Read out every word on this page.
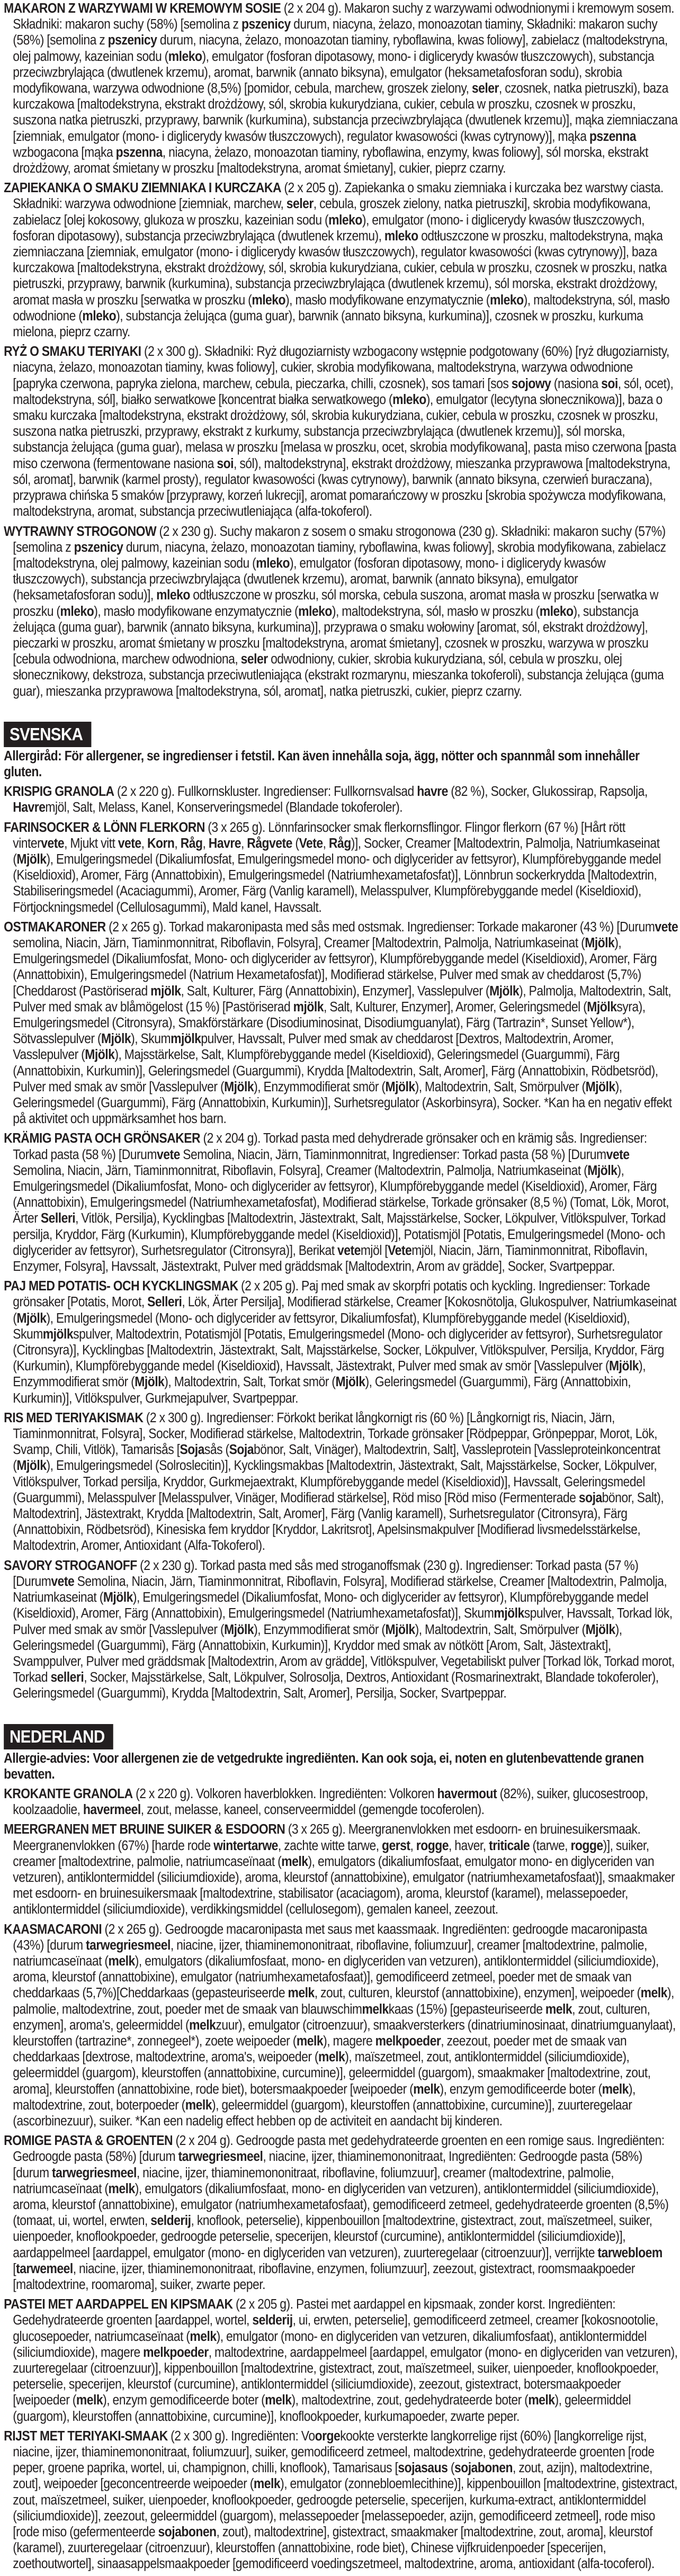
MAKARON Z WARZYWAMI W KREMOWYM SOSIE (2 x 204 g). Makaron suchy z warzywami odwodnionymi i kremowym sosem. Składniki: makaron suchy (58%) [semolina z pszenicy durum, niacyna, żelazo, monoazotan tiaminy, Składniki: makaron suchy (58%) [semolina z pszenicy durum, niacyna, żelazo, monoazotan tiaminy, ryboflawina, kwas foliowy], zabielacz (maltodekstryna, olej palmowy, kazeinian sodu (mleko), emulgator (fosforan dipotasowy, mono- i diglicerydy kwasów tłuszczowych), substancja przeciwzbrylająca (dwutlenek krzemu), aromat, barwnik (annato biksyna), emulgator (heksametafosforan sodu), skrobia modyfikowana, warzywa odwodnione (8,5%) [pomidor, cebula, marchew, groszek zielony, seler, czosnek, natka pietruszki), baza kurczakowa [maltodekstryna, ekstrakt drożdżowy, sól, skrobia kukurydziana, cukier, cebula w proszku, czosnek w proszku, suszona natka pietruszki, przyprawy, barwnik (kurkumina), substancja przeciwzbrylająca (dwutlenek krzemu)], mąka ziemniaczana [ziemniak, emulgator (mono- i diglicerydy kwasów tłuszczowych), regulator kwasowości (kwas cytrynowy)], mąka pszenna wzbogacona [mąka pszenna, niacyna, żelazo, monoazotan tiaminy, ryboflawina, enzymy, kwas foliowy], sól morska, ekstrakt drożdżowy, aromat śmietany w proszku [maltodekstryna, aromat śmietany], cukier, pieprz czarny.

ZAPIEKANKA O SMAKU ZIEMNIAKA I KURCZAKA (2 x 205 g). Zapiekanka o smaku ziemniaka i kurczaka bez warstwy ciasta. Składniki: warzywa odwodnione [ziemniak, marchew, seler, cebula, groszek zielony, natka pietruszki], skrobia modyfikowana, zabielacz [olej kokosowy, glukoza w proszku, kazeinian sodu (mleko), emulgator (mono- i diglicerydy kwasów tłuszczowych, fosforan dipotasowy), substancja przeciwzbrylająca (dwutlenek krzemu), mleko odtłuszczone w proszku, maltodekstryna, mąka ziemniaczana [ziemniak, emulgator (mono- i diglicerydy kwasów tłuszczowych), regulator kwasowości (kwas cytrynowy)], baza kurczakowa [maltodekstryna, ekstrakt drożdżowy, sól, skrobia kukurydziana, cukier, cebula w proszku, czosnek w proszku, natka pietruszki, przyprawy, barwnik (kurkumina), substancja przeciwzbrylająca (dwutlenek krzemu), sól morska, ekstrakt drożdżowy, aromat masła w proszku [serwatka w proszku (mleko), masło modyfikowane enzymatycznie (mleko), maltodekstryna, sól, masło odwodnione (mleko), substancja żelująca (guma guar), barwnik (annato biksyna, kurkumina)], czosnek w proszku, kurkuma mielona, pieprz czarny.

RYŻ O SMAKU TERIYAKI (2 x 300 g). Składniki: Ryż długoziarnisty wzbogacony wstępnie podgotowany (60%) [ryż długoziarnisty, niacyna, żelazo, monoazotan tiaminy, kwas foliowy], cukier, skrobia modyfikowana, maltodekstryna, warzywa odwodnione [papryka czerwona, papryka zielona, marchew, cebula, pieczarka, chilli, czosnek), sos tamari [sos sojowy (nasiona soi, sól, ocet), maltodekstryna, sól], białko serwatkowe [koncentrat białka serwatkowego (mleko), emulgator (lecytyna słonecznikowa)], baza o smaku kurczaka [maltodekstryna, ekstrakt drożdżowy, sól, skrobia kukurydziana, cukier, cebula w proszku, czosnek w proszku, suszona natka pietruszki, przyprawy, ekstrakt z kurkumy, substancja przeciwzbrylająca (dwutlenek krzemu)], sól morska, substancja żelująca (guma guar), melasa w proszku [melasa w proszku, ocet, skrobia modyfikowana], pasta miso czerwona [pasta miso czerwona (fermentowane nasiona soi, sól), maltodekstryna], ekstrakt drożdżowy, mieszanka przyprawowa [maltodekstryna, sól, aromat], barwnik (karmel prosty), regulator kwasowości (kwas cytrynowy), barwnik (annato biksyna, czerwień buraczana), przyprawa chińska 5 smaków [przyprawy, korzeń lukrecji], aromat pomarańczowy w proszku [skrobia spożywcza modyfikowana, maltodekstryna, aromat, substancja przeciwutleniająca (alfa-tokoferol).

WYTRAWNY STROGONOW (2 x 230 g). Suchy makaron z sosem o smaku strogonowa (230 g). Składniki: makaron suchy (57%) [semolina z pszenicy durum, niacyna, żelazo, monoazotan tiaminy, ryboflawina, kwas foliowy], skrobia modyfikowana, zabielacz [maltodekstryna, olej palmowy, kazeinian sodu (mleko), emulgator (fosforan dipotasowy, mono- i diglicerydy kwasów tłuszczowych), substancja przeciwzbrylająca (dwutlenek krzemu), aromat, barwnik (annato biksyna), emulgator (heksametafosforan sodu)], mleko odtłuszczone w proszku, sól morska, cebula suszona, aromat masła w proszku [serwatka w proszku (mleko), masło modyfikowane enzymatycznie (mleko), maltodekstryna, sól, masło w proszku (mleko), substancja żelująca (guma guar), barwnik (annato biksyna, kurkumina)], przyprawa o smaku wołowiny [aromat, sól, ekstrakt drożdżowy], pieczarki w proszku, aromat śmietany w proszku [maltodekstryna, aromat śmietany], czosnek w proszku, warzywa w proszku [cebula odwodniona, marchew odwodniona, seler odwodniony, cukier, skrobia kukurydziana, sól, cebula w proszku, olej słonecznikowy, dekstroza, substancja przeciwutleniająca (ekstrakt rozmarynu, mieszanka tokoferoli), substancja żelująca (guma guar), mieszanka przyprawowa [maltodekstryna, sól, aromat], natka pietruszki, cukier, pieprz czarny.

SVENSKA
Allergiråd: För allergener, se ingredienser i fetstil. Kan även innehålla soja, ägg, nötter och spannmål som innehåller gluten.

KRISPIG GRANOLA (2 x 220 g). Fullkornskluster. Ingredienser: Fullkornsvalsad havre (82 %), Socker, Glukossirap, Rapsolja, Havremjöl, Salt, Melass, Kanel, Konserveringsmedel (Blandade tokoferoler).

FARINSOCKER & LÖNN FLERKORN (3 x 265 g). Lönnfarinsocker smak flerkornsflingor. Flingor flerkorn (67 %) [Hårt rött vintervete, Mjukt vitt vete, Korn, Råg, Havre, Rågvete (Vete, Råg)], Socker, Creamer [Maltodextrin, Palmolja, Natriumkaseinat (Mjölk), Emulgeringsmedel (Dikaliumfosfat, Emulgeringsmedel mono- och diglycerider av fettsyror), Klumpförebyggande medel (Kiseldioxid), Aromer, Färg (Annattobixin), Emulgeringsmedel (Natriumhexametafosfat)], Lönnbrun sockerkrydda [Maltodextrin, Stabiliseringsmedel (Acaciagummi), Aromer, Färg (Vanlig karamell), Melasspulver, Klumpförebyggande medel (Kiseldioxid), Förtjockningsmedel (Cellulosagummi), Mald kanel, Havssalt.

OSTMAKARONER (2 x 265 g). Torkad makaronipasta med sås med ostsmak. Ingredienser: Torkade makaroner (43 %) [Durumvete semolina, Niacin, Järn, Tiaminmonnitrat, Riboflavin, Folsyra], Creamer [Maltodextrin, Palmolja, Natriumkaseinat (Mjölk), Emulgeringsmedel (Dikaliumfosfat, Mono- och diglycerider av fettsyror), Klumpförebyggande medel (Kiseldioxid), Aromer, Färg (Annattobixin), Emulgeringsmedel (Natrium Hexametafosfat)], Modifierad stärkelse, Pulver med smak av cheddarost (5,7%)[Cheddarost (Pastöriserad mjölk, Salt, Kulturer, Färg (Annattobixin), Enzymer], Vasslepulver (Mjölk), Palmolja, Maltodextrin, Salt, Pulver med smak av blåmögelost (15 %) [Pastöriserad mjölk, Salt, Kulturer, Enzymer], Aromer, Geleringsmedel (Mjölksyra), Emulgeringsmedel (Citronsyra), Smakförstärkare (Disodiuminosinat, Disodiumguanylat), Färg (Tartrazin*, Sunset Yellow*), Sötvasslepulver (Mjölk), Skummjölkpulver, Havssalt, Pulver med smak av cheddarost [Dextros, Maltodextrin, Aromer, Vasslepulver (Mjölk), Majsstärkelse, Salt, Klumpförebyggande medel (Kiseldioxid), Geleringsmedel (Guargummi), Färg (Annattobixin, Kurkumin)], Geleringsmedel (Guargummi), Krydda [Maltodextrin, Salt, Aromer], Färg (Annattobixin, Rödbetsröd), Pulver med smak av smör [Vasslepulver (Mjölk), Enzymmodifierat smör (Mjölk), Maltodextrin, Salt, Smörpulver (Mjölk), Geleringsmedel (Guargummi), Färg (Annattobixin, Kurkumin)], Surhetsregulator (Askorbinsyra), Socker. *Kan ha en negativ effekt på aktivitet och uppmärksamhet hos barn.

KRÄMIG PASTA OCH GRÖNSAKER (2 x 204 g). Torkad pasta med dehydrerade grönsaker och en krämig sås. Ingredienser: Torkad pasta (58 %) [Durumvete Semolina, Niacin, Järn, Tiaminmonnitrat, Ingredienser: Torkad pasta (58 %) [Durumvete Semolina, Niacin, Järn, Tiaminmonnitrat, Riboflavin, Folsyra], Creamer (Maltodextrin, Palmolja, Natriumkaseinat (Mjölk), Emulgeringsmedel (Dikaliumfosfat, Mono- och diglycerider av fettsyror), Klumpförebyggande medel (Kiseldioxid), Aromer, Färg (Annattobixin), Emulgeringsmedel (Natriumhexametafosfat), Modifierad stärkelse, Torkade grönsaker (8,5 %) (Tomat, Lök, Morot, Ärter Selleri, Vitlök, Persilja), Kycklingbas [Maltodextrin, Jästextrakt, Salt, Majsstärkelse, Socker, Lökpulver, Vitlökspulver, Torkad persilja, Kryddor, Färg (Kurkumin), Klumpförebyggande medel (Kiseldioxid)], Potatismjöl [Potatis, Emulgeringsmedel (Mono- och diglycerider av fettsyror), Surhetsregulator (Citronsyra)], Berikat vetemjöl [Vetemjöl, Niacin, Järn, Tiaminmonnitrat, Riboflavin, Enzymer, Folsyra], Havssalt, Jästextrakt, Pulver med gräddsmak [Maltodextrin, Arom av grädde], Socker, Svartpeppar.

PAJ MED POTATIS- OCH KYCKLINGSMAK (2 x 205 g). Paj med smak av skorpfri potatis och kyckling. Ingredienser: Torkade grönsaker [Potatis, Morot, Selleri, Lök, Ärter Persilja], Modifierad stärkelse, Creamer [Kokosnötolja, Glukospulver, Natriumkaseinat (Mjölk), Emulgeringsmedel (Mono- och diglycerider av fettsyror, Dikaliumfosfat), Klumpförebyggande medel (Kiseldioxid), Skummjölkspulver, Maltodextrin, Potatismjöl [Potatis, Emulgeringsmedel (Mono- och diglycerider av fettsyror), Surhetsregulator (Citronsyra)], Kycklingbas [Maltodextrin, Jästextrakt, Salt, Majsstärkelse, Socker, Lökpulver, Vitlökspulver, Persilja, Kryddor, Färg (Kurkumin), Klumpförebyggande medel (Kiseldioxid), Havssalt, Jästextrakt, Pulver med smak av smör [Vasslepulver (Mjölk), Enzymmodifierat smör (Mjölk), Maltodextrin, Salt, Torkat smör (Mjölk), Geleringsmedel (Guargummi), Färg (Annattobixin, Kurkumin)], Vitlökspulver, Gurkmejapulver, Svartpeppar.

RIS MED TERIYAKISMAK (2 x 300 g). Ingredienser: Förkokt berikat långkornigt ris (60 %) [Långkornigt ris, Niacin, Järn, Tiaminmonnitrat, Folsyra], Socker, Modifierad stärkelse, Maltodextrin, Torkade grönsaker [Rödpeppar, Grönpeppar, Morot, Lök, Svamp, Chili, Vitlök), Tamarisås [Sojasås (Sojabönor, Salt, Vinäger), Maltodextrin, Salt], Vassleprotein [Vassleproteinkoncentrat (Mjölk), Emulgeringsmedel (Solroslecitin)], Kycklingsmakbas [Maltodextrin, Jästextrakt, Salt, Majsstärkelse, Socker, Lökpulver, Vitlökspulver, Torkad persilja, Kryddor, Gurkmejaextrakt, Klumpförebyggande medel (Kiseldioxid)], Havssalt, Geleringsmedel (Guargummi), Melasspulver [Melasspulver, Vinäger, Modifierad stärkelse], Röd miso [Röd miso (Fermenterade sojabönor, Salt), Maltodextrin], Jästextrakt, Krydda [Maltodextrin, Salt, Aromer], Färg (Vanlig karamell), Surhetsregulator (Citronsyra), Färg (Annattobixin, Rödbetsröd), Kinesiska fem kryddor [Kryddor, Lakritsrot], Apelsinsmakpulver [Modifierad livsmedelsstärkelse, Maltodextrin, Aromer, Antioxidant (Alfa-Tokoferol).

SAVORY STROGANOFF (2 x 230 g). Torkad pasta med sås med stroganoffsmak (230 g). Ingredienser: Torkad pasta (57 %) [Durumvete Semolina, Niacin, Järn, Tiaminmonnitrat, Riboflavin, Folsyra], Modifierad stärkelse, Creamer [Maltodextrin, Palmolja, Natriumkaseinat (Mjölk), Emulgeringsmedel (Dikaliumfosfat, Mono- och diglycerider av fettsyror), Klumpförebyggande medel (Kiseldioxid), Aromer, Färg (Annattobixin), Emulgeringsmedel (Natriumhexametafosfat)], Skummjölkspulver, Havssalt, Torkad lök, Pulver med smak av smör [Vasslepulver (Mjölk), Enzymmodifierat smör (Mjölk), Maltodextrin, Salt, Smörpulver (Mjölk), Geleringsmedel (Guargummi), Färg (Annattobixin, Kurkumin)], Kryddor med smak av nötkött [Arom, Salt, Jästextrakt], Svamppulver, Pulver med gräddsmak [Maltodextrin, Arom av grädde], Vitlökspulver, Vegetabiliskt pulver [Torkad lök, Torkad morot, Torkad selleri, Socker, Majsstärkelse, Salt, Lökpulver, Solrosolja, Dextros, Antioxidant (Rosmarinextrakt, Blandade tokoferoler), Geleringsmedel (Guargummi), Krydda [Maltodextrin, Salt, Aromer], Persilja, Socker, Svartpeppar.

NEDERLAND
Allergie-advies: Voor allergenen zie de vetgedrukte ingrediënten. Kan ook soja, ei, noten en glutenbevattende granen bevatten.

KROKANTE GRANOLA (2 x 220 g). Volkoren haverblokken. Ingrediënten: Volkoren havermout (82%), suiker, glucosestroop, koolzaadolie, havermeel, zout, melasse, kaneel, conserveermiddel (gemengde tocoferolen).

MEERGRANEN MET BRUINE SUIKER & ESDOORN (3 x 265 g). Meergranenvlokken met esdoorn- en bruinesuikersmaak. Meergranenvlokken (67%) [harde rode wintertarwe, zachte witte tarwe, gerst, rogge, haver, triticale (tarwe, rogge)], suiker, creamer [maltodextrine, palmolie, natriumcaseïnaat (melk), emulgators (dikaliumfosfaat, emulgator mono- en diglyceriden van vetzuren), antiklontermiddel (siliciumdioxide), aroma, kleurstof (annattobixine), emulgator (natriumhexametafosfaat)], smaakmaker met esdoorn- en bruinesuikersmaak [maltodextrine, stabilisator (acaciagom), aroma, kleurstof (karamel), melassepoeder, antiklontermiddel (siliciumdioxide), verdikkingsmiddel (cellulosegom), gemalen kaneel, zeezout.

KAASMACARONI (2 x 265 g). Gedroogde macaronipasta met saus met kaassmaak. Ingrediënten: gedroogde macaronipasta (43%) [durum tarwegriesmeel, niacine, ijzer, thiaminemononitraat, riboflavine, foliumzuur], creamer [maltodextrine, palmolie, natriumcaseïnaat (melk), emulgators (dikaliumfosfaat, mono- en diglyceriden van vetzuren), antiklontermiddel (siliciumdioxide), aroma, kleurstof (annattobixine), emulgator (natriumhexametafosfaat)], gemodificeerd zetmeel, poeder met de smaak van cheddarkaas (5,7%)[Cheddarkaas (gepasteuriseerde melk, zout, culturen, kleurstof (annattobixine), enzymen], weipoeder (melk), palmolie, maltodextrine, zout, poeder met de smaak van blauwschimmelkkaas (15%) [gepasteuriseerde melk, zout, culturen, enzymen], aroma's, geleermiddel (melkzuur), emulgator (citroenzuur), smaakversterkers (dinatriuminosinaat, dinatriumguanylaat), kleurstoffen (tartrazine*, zonnegeel*), zoete weipoeder (melk), magere melkpoeder, zeezout, poeder met de smaak van cheddarkaas [dextrose, maltodextrine, aroma's, weipoeder (melk), maïszetmeel, zout, antiklontermiddel (siliciumdioxide), geleermiddel (guargom), kleurstoffen (annattobixine, curcumine)], geleermiddel (guargom), smaakmaker [maltodextrine, zout, aroma], kleurstoffen (annattobixine, rode biet), botersmaakpoeder [weipoeder (melk), enzym gemodificeerde boter (melk), maltodextrine, zout, boterpoeder (melk), geleermiddel (guargom), kleurstoffen (annattobixine, curcumine)], zuurteregelaar (ascorbinezuur), suiker. *Kan een nadelig effect hebben op de activiteit en aandacht bij kinderen.

ROMIGE PASTA & GROENTEN (2 x 204 g). Gedroogde pasta met gedehydrateerde groenten en een romige saus. Ingrediënten: Gedroogde pasta (58%) [durum tarwegriesmeel, niacine, ijzer, thiaminemononitraat, Ingrediënten: Gedroogde pasta (58%) [durum tarwegriesmeel, niacine, ijzer, thiaminemononitraat, riboflavine, foliumzuur], creamer (maltodextrine, palmolie, natriumcaseïnaat (melk), emulgators (dikaliumfosfaat, mono- en diglyceriden van vetzuren), antiklontermiddel (siliciumdioxide), aroma, kleurstof (annattobixine), emulgator (natriumhexametafosfaat), gemodificeerd zetmeel, gedehydrateerde groenten (8,5%) (tomaat, ui, wortel, erwten, selderij, knoflook, peterselie), kippenbouillon [maltodextrine, gistextract, zout, maïszetmeel, suiker, uienpoeder, knoflookpoeder, gedroogde peterselie, specerijen, kleurstof (curcumine), antiklontermiddel (siliciumdioxide)], aardappelmeel [aardappel, emulgator (mono- en diglyceriden van vetzuren), zuurteregelaar (citroenzuur)], verrijkte tarwebloem [tarwemeel, niacine, ijzer, thiaminemononitraat, riboflavine, enzymen, foliumzuur], zeezout, gistextract, roomsmaakpoeder [maltodextrine, roomaroma], suiker, zwarte peper.

PASTEI MET AARDAPPEL EN KIPSMAAK (2 x 205 g). Pastei met aardappel en kipsmaak, zonder korst. Ingrediënten: Gedehydrateerde groenten [aardappel, wortel, selderij, ui, erwten, peterselie], gemodificeerd zetmeel, creamer [kokosnootolie, glucosepoeder, natriumcaseïnaat (melk), emulgator (mono- en diglyceriden van vetzuren, dikaliumfosfaat), antiklontermiddel (siliciumdioxide), magere melkpoeder, maltodextrine, aardappelmeel [aardappel, emulgator (mono- en diglyceriden van vetzuren), zuurteregelaar (citroenzuur)], kippenbouillon [maltodextrine, gistextract, zout, maïszetmeel, suiker, uienpoeder, knoflookpoeder, peterselie, specerijen, kleurstof (curcumine), antiklontermiddel (siliciumdioxide), zeezout, gistextract, botersmaakpoeder [weipoeder (melk), enzym gemodificeerde boter (melk), maltodextrine, zout, gedehydrateerde boter (melk), geleermiddel (guargom), kleurstoffen (annattobixine, curcumine)], knoflookpoeder, kurkumapoeder, zwarte peper.

RIJST MET TERIYAKI-SMAAK (2 x 300 g). Ingrediënten: Voorgekookte versterkte langkorrelige rijst (60%) [langkorrelige rijst, niacine, ijzer, thiaminemononitraat, foliumzuur], suiker, gemodificeerd zetmeel, maltodextrine, gedehydrateerde groenten [rode peper, groene paprika, wortel, ui, champignon, chilli, knoflook), Tamarisaus [sojasaus (sojabonen, zout, azijn), maltodextrine, zout], weipoeder [geconcentreerde weipoeder (melk), emulgator (zonnebloemlecithine)], kippenbouillon [maltodextrine, gistextract, zout, maïszetmeel, suiker, uienpoeder, knoflookpoeder, gedroogde peterselie, specerijen, kurkuma-extract, antiklontermiddel (siliciumdioxide)], zeezout, geleermiddel (guargom), melassepoeder [melassepoeder, azijn, gemodificeerd zetmeel], rode miso [rode miso (gefermenteerde sojabonen, zout), maltodextrine], gistextract, smaakmaker [maltodextrine, zout, aroma], kleurstof (karamel), zuurteregelaar (citroenzuur), kleurstoffen (annattobixine, rode biet), Chinese vijfkruidenpoeder [specerijen, zoethoutwortel], sinaasappelsmaakpoeder [gemodificeerd voedingszetmeel, maltodextrine, aroma, antioxidant (alfa-tocoferol).
